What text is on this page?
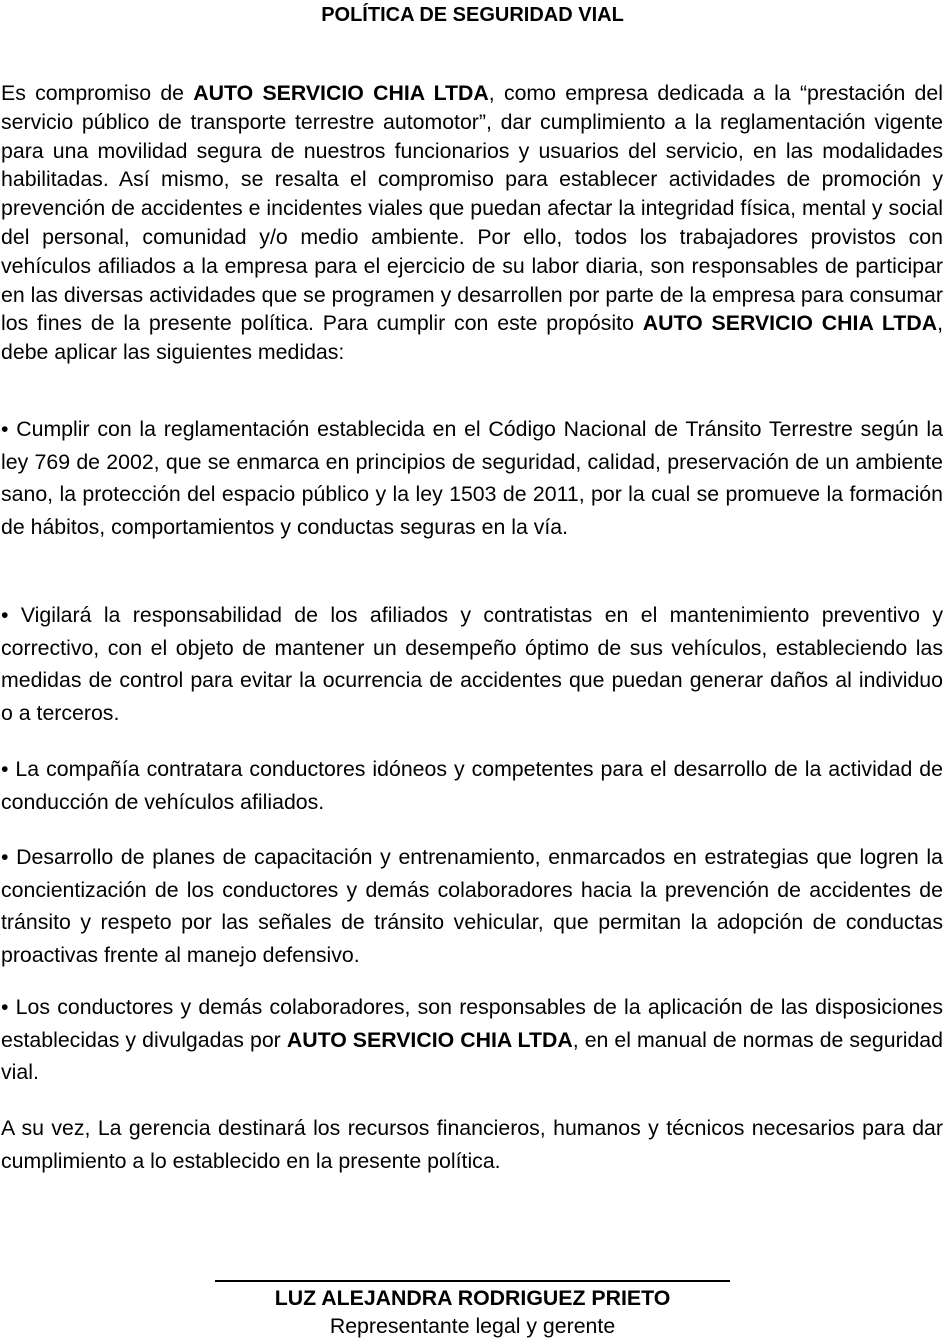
POLÍTICA DE SEGURIDAD VIAL

Es compromiso de AUTO SERVICIO CHIA LTDA, como empresa dedicada a la “prestación del servicio público de transporte terrestre automotor”, dar cumplimiento a la reglamentación vigente para una movilidad segura de nuestros funcionarios y usuarios del servicio, en las modalidades habilitadas. Así mismo, se resalta el compromiso para establecer actividades de promoción y prevención de accidentes e incidentes viales que puedan afectar la integridad física, mental y social del personal, comunidad y/o medio ambiente. Por ello, todos los trabajadores provistos con vehículos afiliados a la empresa para el ejercicio de su labor diaria, son responsables de participar en las diversas actividades que se programen y desarrollen por parte de la empresa para consumar los fines de la presente política. Para cumplir con este propósito AUTO SERVICIO CHIA LTDA, debe aplicar las siguientes medidas:

• Cumplir con la reglamentación establecida en el Código Nacional de Tránsito Terrestre según la ley 769 de 2002, que se enmarca en principios de seguridad, calidad, preservación de un ambiente sano, la protección del espacio público y la ley 1503 de 2011, por la cual se promueve la formación de hábitos, comportamientos y conductas seguras en la vía.

• Vigilará la responsabilidad de los afiliados y contratistas en el mantenimiento preventivo y correctivo, con el objeto de mantener un desempeño óptimo de sus vehículos, estableciendo las medidas de control para evitar la ocurrencia de accidentes que puedan generar daños al individuo o a terceros.

• La compañía contratara conductores idóneos y competentes para el desarrollo de la actividad de conducción de vehículos afiliados.

• Desarrollo de planes de capacitación y entrenamiento, enmarcados en estrategias que logren la concientización de los conductores y demás colaboradores hacia la prevención de accidentes de tránsito y respeto por las señales de tránsito vehicular, que permitan la adopción de conductas proactivas frente al manejo defensivo.

• Los conductores y demás colaboradores, son responsables de la aplicación de las disposiciones establecidas y divulgadas por AUTO SERVICIO CHIA LTDA, en el manual de normas de seguridad vial.

A su vez, La gerencia destinará los recursos financieros, humanos y técnicos necesarios para dar cumplimiento a lo establecido en la presente política.

LUZ ALEJANDRA RODRIGUEZ PRIETO

Representante legal y gerente
